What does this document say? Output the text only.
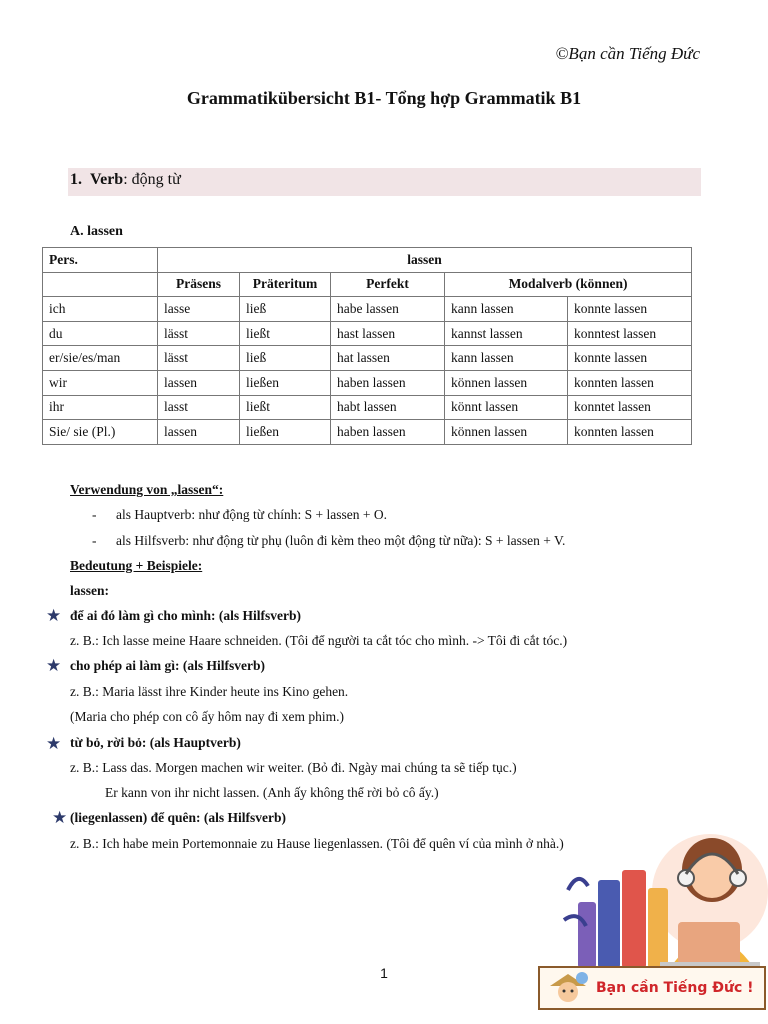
©Bạn cần Tiếng Đức
Grammatikübersicht B1- Tổng hợp Grammatik B1
1. Verb: động từ
A. lassen
Pers.	lassen				
	Präsens	Präteritum	Perfekt	Modalverb (können)	
ich	lasse	ließ	habe lassen	kann lassen	konnte lassen
du	lässt	ließt	hast lassen	kannst lassen	konntest lassen
er/sie/es/man	lässt	ließ	hat lassen	kann lassen	konnte lassen
wir	lassen	ließen	haben lassen	können lassen	konnten lassen
ihr	lasst	ließt	habt lassen	könnt lassen	konntet lassen
Sie/ sie (Pl.)	lassen	ließen	haben lassen	können lassen	konnten lassen
Verwendung von „lassen“:
- als Hauptverb: như động từ chính: S + lassen + O.
- als Hilfsverb: như động từ phụ (luôn đi kèm theo một động từ nữa): S + lassen + V.
Bedeutung + Beispiele:
lassen:
★ để ai đó làm gì cho mình: (als Hilfsverb)
z. B.: Ich lasse meine Haare schneiden. (Tôi để người ta cắt tóc cho mình. -> Tôi đi cắt tóc.)
★ cho phép ai làm gì: (als Hilfsverb)
z. B.: Maria lässt ihre Kinder heute ins Kino gehen.
(Maria cho phép con cô ấy hôm nay đi xem phim.)
★ từ bỏ, rời bỏ: (als Hauptverb)
z. B.: Lass das. Morgen machen wir weiter. (Bỏ đi. Ngày mai chúng ta sẽ tiếp tục.)
Er kann von ihr nicht lassen. (Anh ấy không thể rời bỏ cô ấy.)
★ (liegenlassen) để quên: (als Hilfsverb)
z. B.: Ich habe mein Portemonnaie zu Hause liegenlassen. (Tôi để quên ví của mình ở nhà.)
Bạn cần Tiếng Đức !
1
